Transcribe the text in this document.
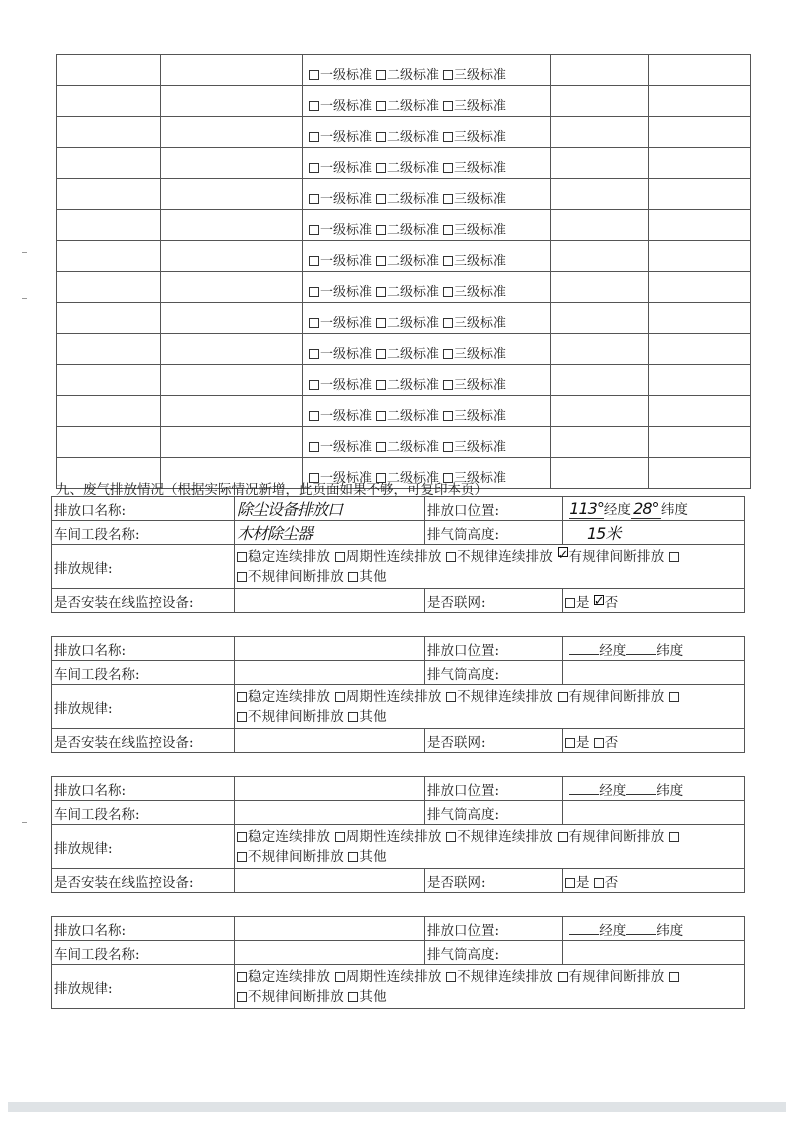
		一级标准 二级标准 三级标准		
		一级标准 二级标准 三级标准		
		一级标准 二级标准 三级标准		
		一级标准 二级标准 三级标准		
		一级标准 二级标准 三级标准		
		一级标准 二级标准 三级标准		
		一级标准 二级标准 三级标准		
		一级标准 二级标准 三级标准		
		一级标准 二级标准 三级标准		
		一级标准 二级标准 三级标准		
		一级标准 二级标准 三级标准		
		一级标准 二级标准 三级标准		
		一级标准 二级标准 三级标准		
		一级标准 二级标准 三级标准		
九、废气排放情况（根据实际情况新增，此页面如果不够，可复印本页）
排放口名称:	除尘设备排放口	排放口位置:	113°经度 28° 纬度
车间工段名称:	木材除尘器	排气筒高度:	15米
排放规律:	稳定连续排放 周期性连续排放 不规律连续排放 ✓有规律间断排放
不规律间断排放 其他		
是否安装在线监控设备:		是否联网:	是 ✓否
排放口名称:		排放口位置:	经度 纬度
车间工段名称:		排气筒高度:	
排放规律:	稳定连续排放 周期性连续排放 不规律连续排放 有规律间断排放
不规律间断排放 其他		
是否安装在线监控设备:		是否联网:	是 否
排放口名称:		排放口位置:	经度 纬度
车间工段名称:		排气筒高度:	
排放规律:	稳定连续排放 周期性连续排放 不规律连续排放 有规律间断排放
不规律间断排放 其他		
是否安装在线监控设备:		是否联网:	是 否
排放口名称:		排放口位置:	经度 纬度
车间工段名称:		排气筒高度:	
排放规律:	稳定连续排放 周期性连续排放 不规律连续排放 有规律间断排放
不规律间断排放 其他		
